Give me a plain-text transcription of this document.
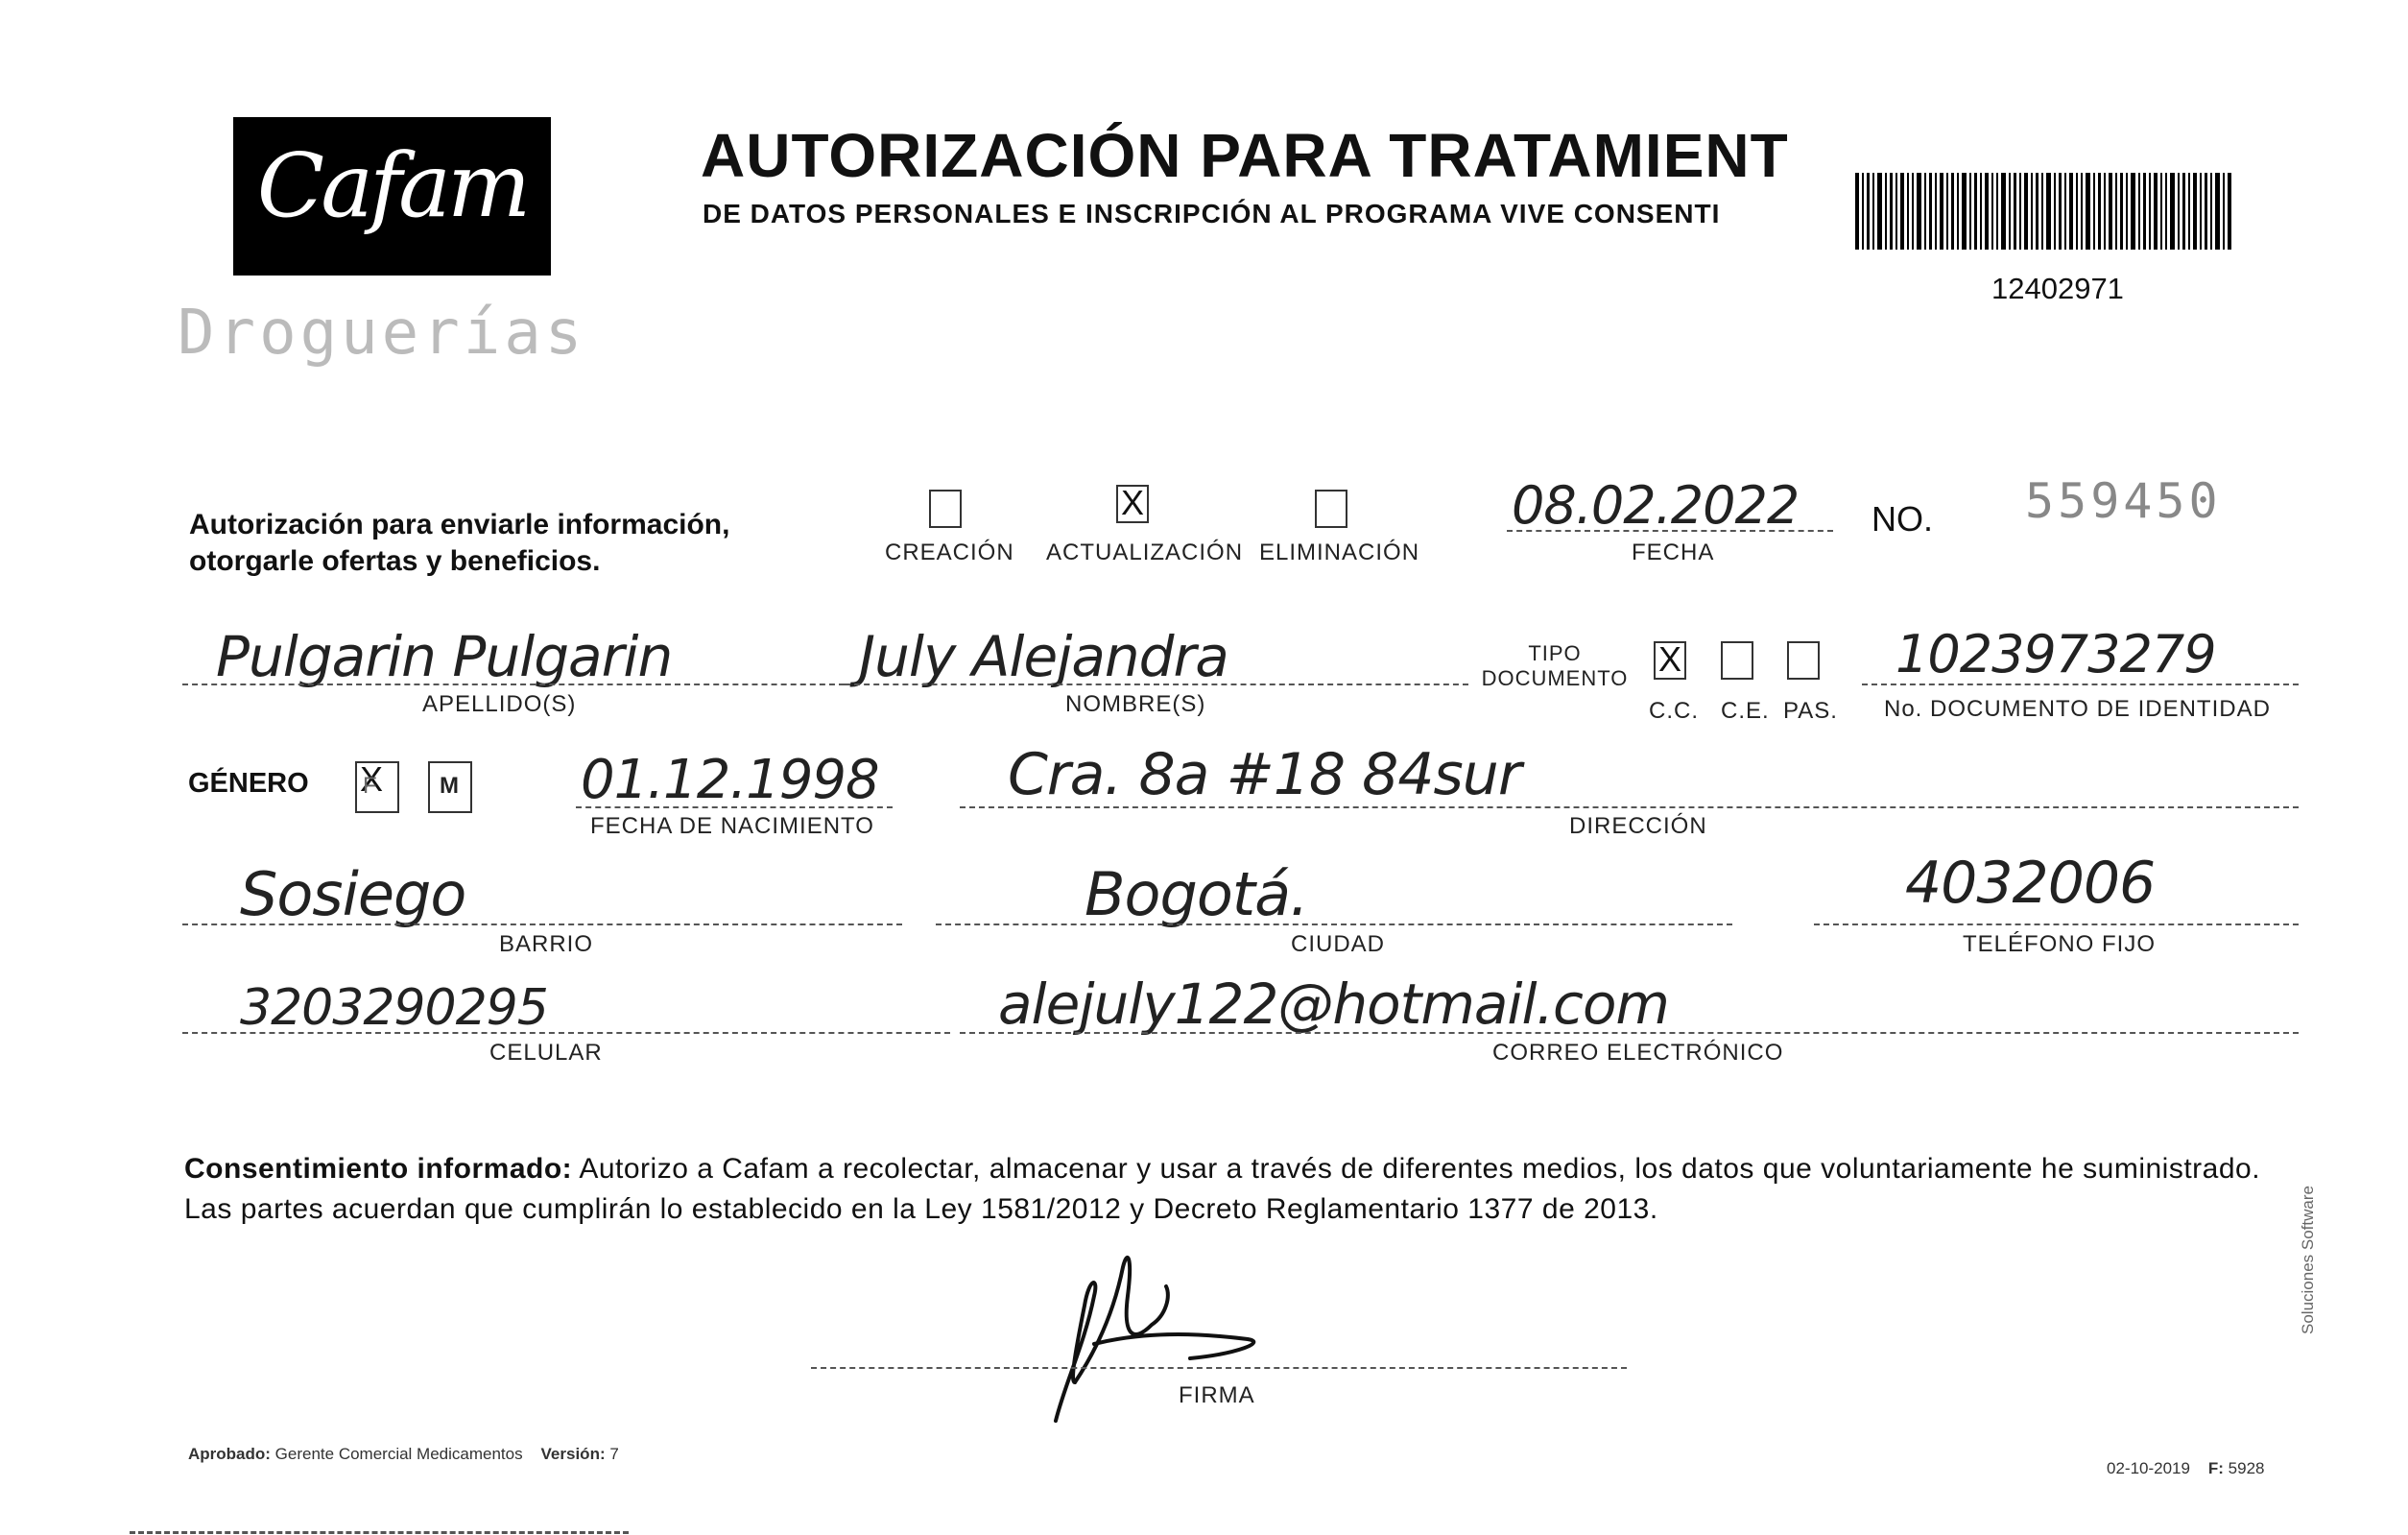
Cafam
Droguerías
AUTORIZACIÓN PARA TRATAMIENT
DE DATOS PERSONALES E INSCRIPCIÓN AL PROGRAMA VIVE CONSENTI
12402971
Autorización para enviarle información, otorgarle ofertas y beneficios.	CREACIÓN
X ACTUALIZACIÓN ELIMINACIÓN
08.02.2022
FECHA
NO. 559450
Pulgarin Pulgarin
APELLIDO(S)
July Alejandra
NOMBRE(S)
TIPO DOCUMENTO
X
C.C. C.E. PAS.
1023973279
No. DOCUMENTO DE IDENTIDAD
GÉNERO
X F	M 01.12.1998
FECHA DE NACIMIENTO
Cra. 8a #18 84sur
DIRECCIÓN
Sosiego
BARRIO
Bogotá.
CIUDAD
4032006
TELÉFONO FIJO
3203290295
CELULAR
alejuly122@hotmail.com
CORREO ELECTRÓNICO
Consentimiento informado: Autorizo a Cafam a recolectar, almacenar y usar a través de diferentes medios, los datos que voluntariamente he suministrado. Las partes acuerdan que cumplirán lo establecido en la Ley 1581/2012 y Decreto Reglamentario 1377 de 2013.
FIRMA
Aprobado: Gerente Comercial Medicamentos Versión: 7
02-10-2019 F: 5928
Soluciones Software
